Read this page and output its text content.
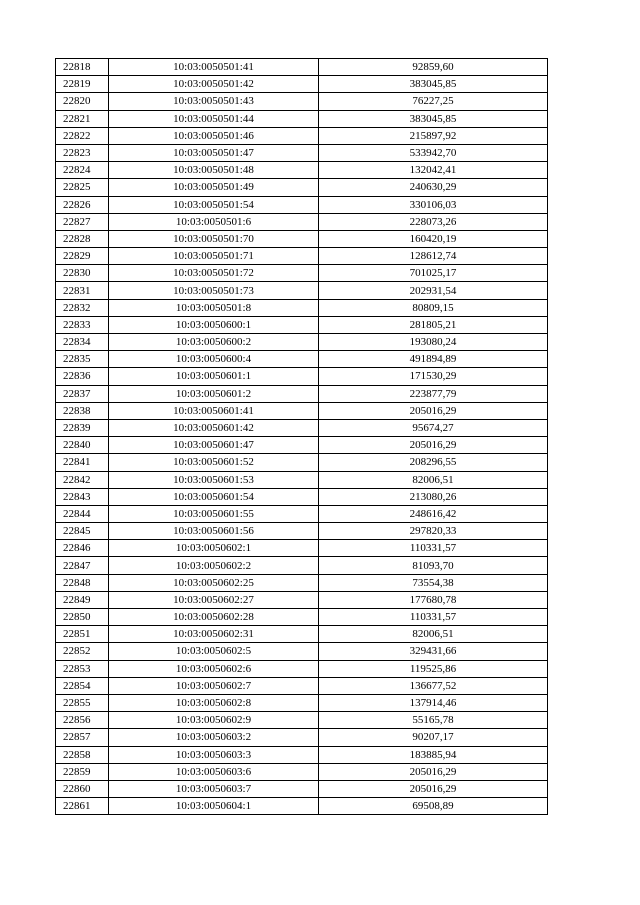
22818	10:03:0050501:41	92859,60
22819	10:03:0050501:42	383045,85
22820	10:03:0050501:43	76227,25
22821	10:03:0050501:44	383045,85
22822	10:03:0050501:46	215897,92
22823	10:03:0050501:47	533942,70
22824	10:03:0050501:48	132042,41
22825	10:03:0050501:49	240630,29
22826	10:03:0050501:54	330106,03
22827	10:03:0050501:6	228073,26
22828	10:03:0050501:70	160420,19
22829	10:03:0050501:71	128612,74
22830	10:03:0050501:72	701025,17
22831	10:03:0050501:73	202931,54
22832	10:03:0050501:8	80809,15
22833	10:03:0050600:1	281805,21
22834	10:03:0050600:2	193080,24
22835	10:03:0050600:4	491894,89
22836	10:03:0050601:1	171530,29
22837	10:03:0050601:2	223877,79
22838	10:03:0050601:41	205016,29
22839	10:03:0050601:42	95674,27
22840	10:03:0050601:47	205016,29
22841	10:03:0050601:52	208296,55
22842	10:03:0050601:53	82006,51
22843	10:03:0050601:54	213080,26
22844	10:03:0050601:55	248616,42
22845	10:03:0050601:56	297820,33
22846	10:03:0050602:1	110331,57
22847	10:03:0050602:2	81093,70
22848	10:03:0050602:25	73554,38
22849	10:03:0050602:27	177680,78
22850	10:03:0050602:28	110331,57
22851	10:03:0050602:31	82006,51
22852	10:03:0050602:5	329431,66
22853	10:03:0050602:6	119525,86
22854	10:03:0050602:7	136677,52
22855	10:03:0050602:8	137914,46
22856	10:03:0050602:9	55165,78
22857	10:03:0050603:2	90207,17
22858	10:03:0050603:3	183885,94
22859	10:03:0050603:6	205016,29
22860	10:03:0050603:7	205016,29
22861	10:03:0050604:1	69508,89
